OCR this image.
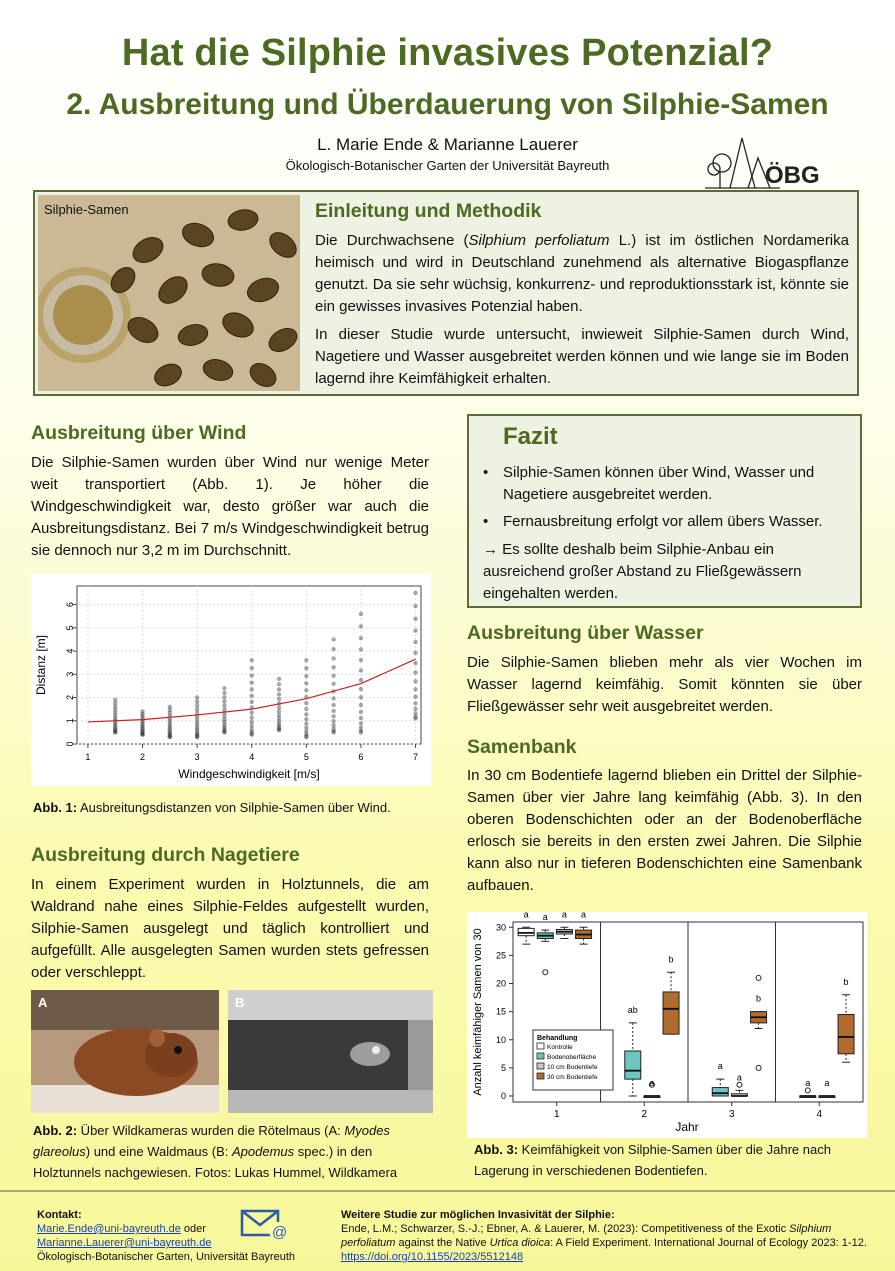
Hat die Silphie invasives Potenzial?
2. Ausbreitung und Überdauerung von Silphie-Samen
L. Marie Ende & Marianne Lauerer
Ökologisch-Botanischer Garten der Universität Bayreuth	ÖBG
Silphie-Samen	Einleitung und Methodik
Die Durchwachsene (Silphium perfoliatum L.) ist im östlichen Nordamerika heimisch und wird in Deutschland zunehmend als alternative Biogaspflanze genutzt. Da sie sehr wüchsig, konkurrenz- und reproduktionsstark ist, könnte sie ein gewisses invasives Potenzial haben.
In dieser Studie wurde untersucht, inwieweit Silphie-Samen durch Wind, Nagetiere und Wasser ausgebreitet werden können und wie lange sie im Boden lagernd ihre Keimfähigkeit erhalten.
Ausbreitung über Wind
Die Silphie-Samen wurden über Wind nur wenige Meter weit transportiert (Abb. 1). Je höher die Windgeschwindigkeit war, desto größer war auch die Ausbreitungsdistanz. Bei 7 m/s Windgeschwindigkeit betrug sie dennoch nur 3,2 m im Durchschnitt.
1	2	3	4	5	6	7
0
1
2
3
4
5
6
Windgeschwindigkeit [m/s]
Distanz [m]
Abb. 1: Ausbreitungsdistanzen von Silphie-Samen über Wind.
Ausbreitung durch Nagetiere
In einem Experiment wurden in Holztunnels, die am Waldrand nahe eines Silphie-Feldes aufgestellt wurden, Silphie-Samen ausgelegt und täglich kontrolliert und aufgefüllt. Alle ausgelegten Samen wurden stets gefressen oder verschleppt.
A	B
Abb. 2: Über Wildkameras wurden die Rötelmaus (A: Myodes glareolus) und eine Waldmaus (B: Apodemus spec.) in den Holztunnels nachgewiesen. Fotos: Lukas Hummel, Wildkamera
Fazit
• Silphie-Samen können über Wind, Wasser und Nagetiere ausgebreitet werden.
• Fernausbreitung erfolgt vor allem übers Wasser.
→ Es sollte deshalb beim Silphie-Anbau ein ausreichend großer Abstand zu Fließgewässern eingehalten werden.
Ausbreitung über Wasser
Die Silphie-Samen blieben mehr als vier Wochen im Wasser lagernd keimfähig. Somit könnten sie über Fließgewässer sehr weit ausgebreitet werden.
Samenbank
In 30 cm Bodentiefe lagernd blieben ein Drittel der Silphie-Samen über vier Jahre lang keimfähig (Abb. 3). In den oberen Bodenschichten oder an der Bodenoberfläche erlosch sie bereits in den ersten zwei Jahren. Die Silphie kann also nur in tieferen Bodenschichten eine Samenbank aufbauen.
0
5
10
15
20
25
30
1	2	3	4
a a
ab
a
a
a
a
a
a
a
b
b
b
Behandlung
Kontrolle
Bodenoberfläche
10 cm Bodentiefe
30 cm Bodentiefe
Jahr
Anzahl keimfähiger Samen von 30
Abb. 3: Keimfähigkeit von Silphie-Samen über die Jahre nach Lagerung in verschiedenen Bodentiefen.
Kontakt:
Marie.Ende@uni-bayreuth.de oder
Marianne.Lauerer@uni-bayreuth.de
Ökologisch-Botanischer Garten, Universität Bayreuth
@
Weitere Studie zur möglichen Invasivität der Silphie:
Ende, L.M.; Schwarzer, S.-J.; Ebner, A. & Lauerer, M. (2023): Competitiveness of the Exotic Silphium perfoliatum against the Native Urtica dioica: A Field Experiment. International Journal of Ecology 2023: 1-12.
https://doi.org/10.1155/2023/5512148
